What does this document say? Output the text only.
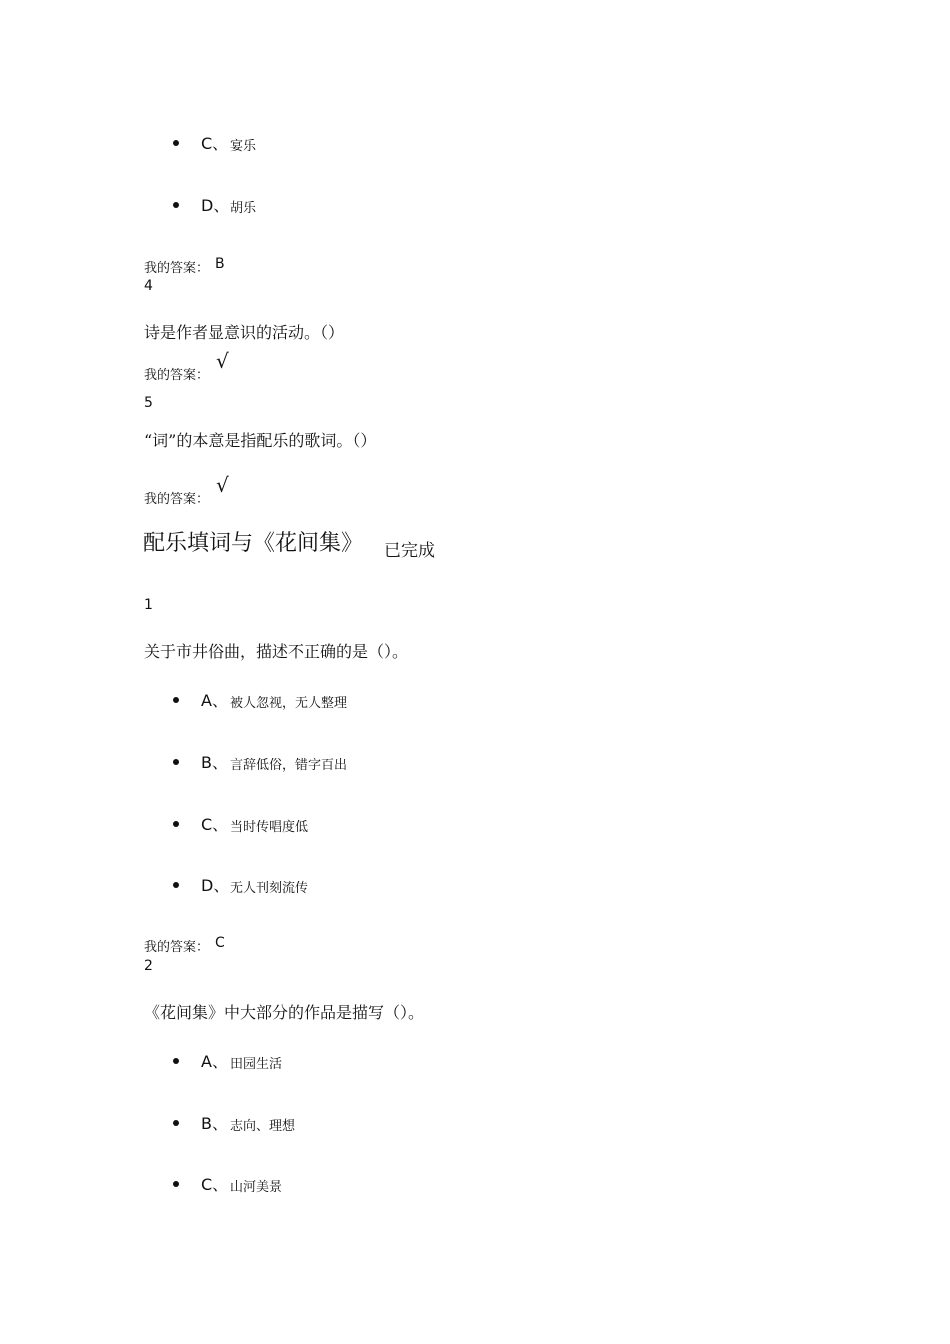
C、 宴乐
D、 胡乐
我的答案： B
4
诗是作者显意识的活动。（）
我的答案：
√
5
“词”的本意是指配乐的歌词。（）
我的答案：
√
配乐填词与《花间集》 已完成
1
关于市井俗曲，描述不正确的是（）。
A、 被人忽视，无人整理
B、 言辞低俗，错字百出
C、 当时传唱度低
D、 无人刊刻流传
我的答案： C
2
《花间集》中大部分的作品是描写（）。
A、 田园生活
B、 志向、理想
C、 山河美景
